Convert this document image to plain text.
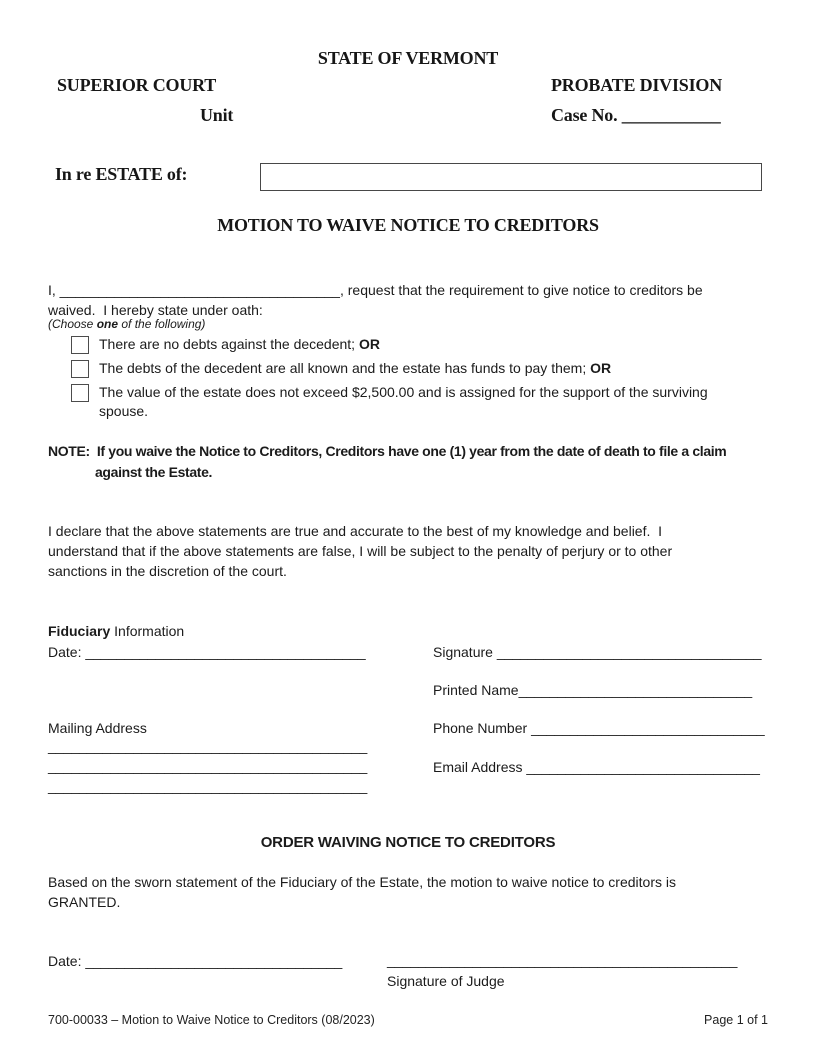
STATE OF VERMONT
SUPERIOR COURT	PROBATE DIVISION
Unit	Case No. ___________
In re ESTATE of:
MOTION TO WAIVE NOTICE TO CREDITORS
I, ____________________________________, request that the requirement to give notice to creditors be
waived.  I hereby state under oath:
(Choose one of the following)
There are no debts against the decedent; OR
The debts of the decedent are all known and the estate has funds to pay them; OR
The value of the estate does not exceed $2,500.00 and is assigned for the support of the surviving
spouse.
NOTE:  If you waive the Notice to Creditors, Creditors have one (1) year from the date of death to file a claim
against the Estate.
I declare that the above statements are true and accurate to the best of my knowledge and belief.  I
understand that if the above statements are false, I will be subject to the penalty of perjury or to other
sanctions in the discretion of the court.
Fiduciary Information
Date: ____________________________________
Mailing Address
_________________________________________
_________________________________________
_________________________________________
Signature __________________________________
Printed Name______________________________
Phone Number ______________________________
Email Address ______________________________
ORDER WAIVING NOTICE TO CREDITORS
Based on the sworn statement of the Fiduciary of the Estate, the motion to waive notice to creditors is
GRANTED.
Date: _________________________________	_____________________________________________
Signature of Judge
700-00033 – Motion to Waive Notice to Creditors (08/2023)	Page 1 of 1
